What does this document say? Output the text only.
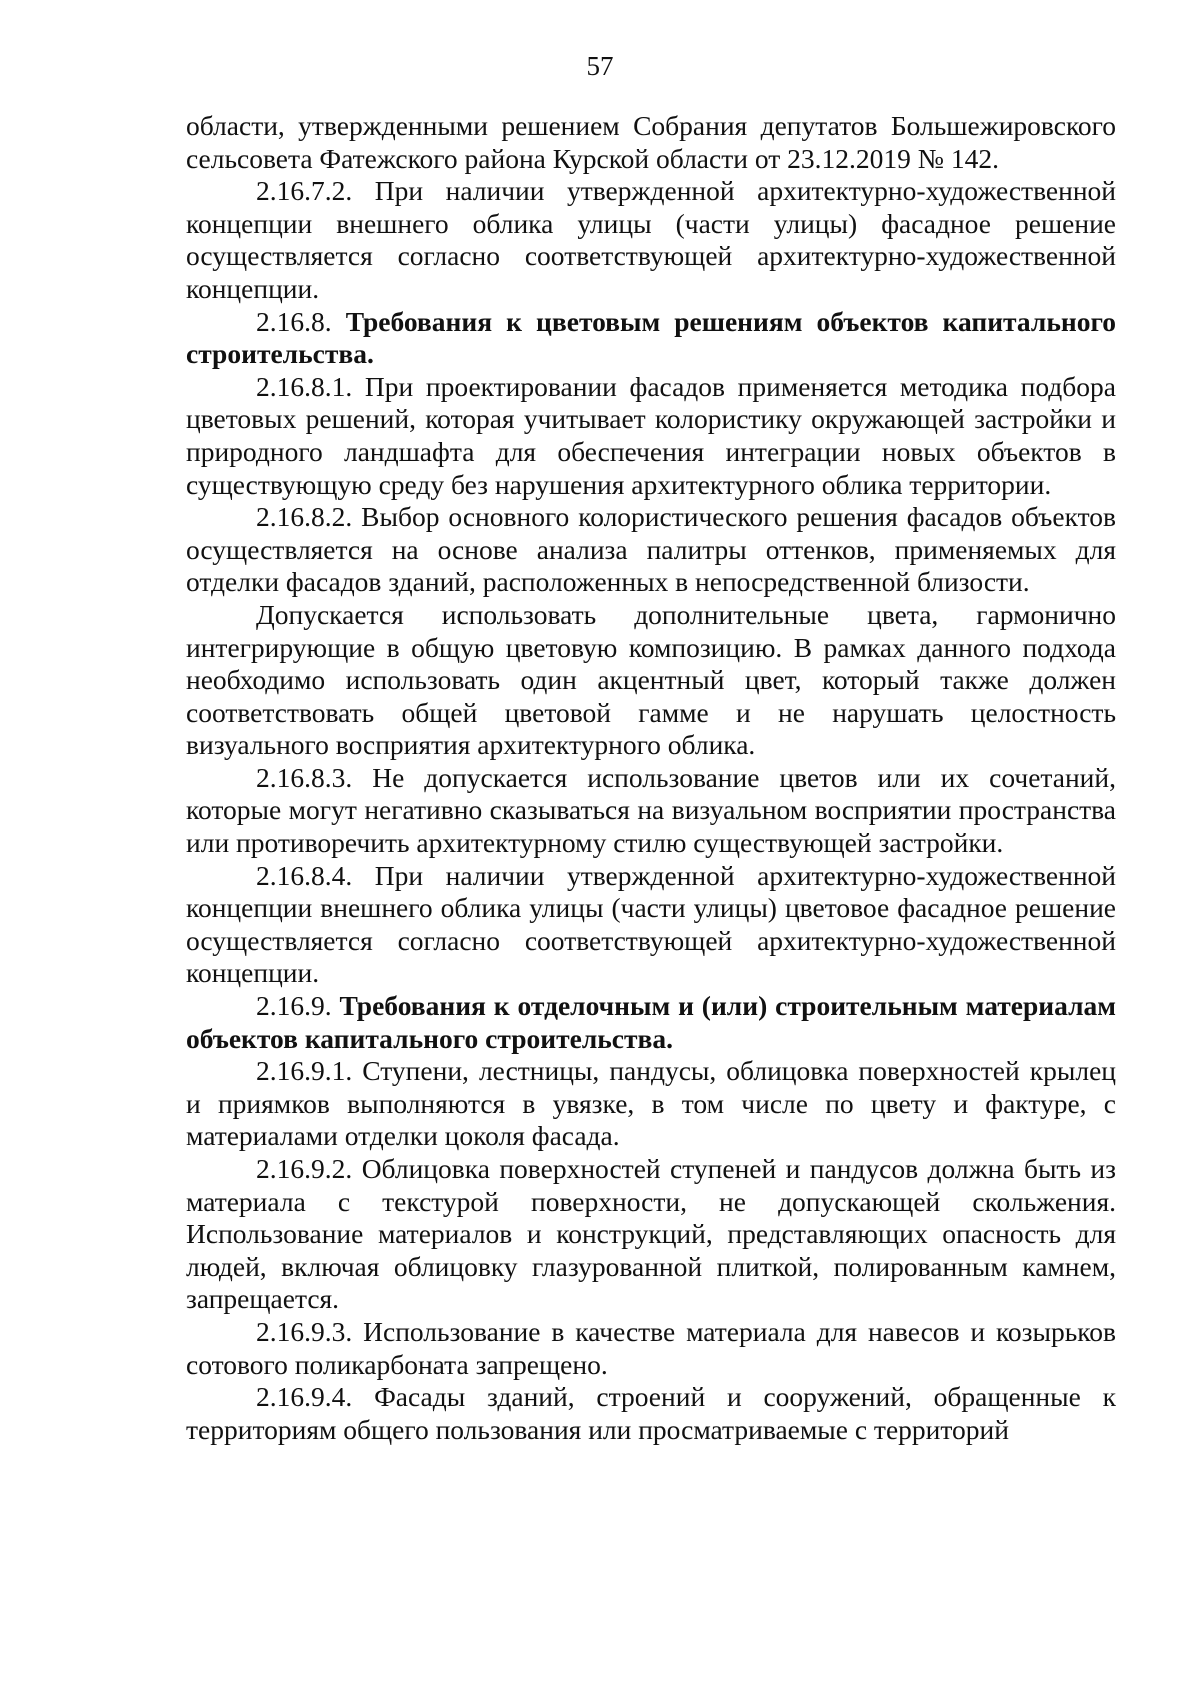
57

области, утвержденными решением Собрания депутатов Большежировского сельсовета Фатежского района Курской области от 23.12.2019 № 142.

2.16.7.2. При наличии утвержденной архитектурно-художественной концепции внешнего облика улицы (части улицы) фасадное решение осуществляется согласно соответствующей архитектурно-художественной концепции.

2.16.8. Требования к цветовым решениям объектов капитального строительства.

2.16.8.1. При проектировании фасадов применяется методика подбора цветовых решений, которая учитывает колористику окружающей застройки и природного ландшафта для обеспечения интеграции новых объектов в существующую среду без нарушения архитектурного облика территории.

2.16.8.2. Выбор основного колористического решения фасадов объектов осуществляется на основе анализа палитры оттенков, применяемых для отделки фасадов зданий, расположенных в непосредственной близости.

Допускается использовать дополнительные цвета, гармонично интегрирующие в общую цветовую композицию. В рамках данного подхода необходимо использовать один акцентный цвет, который также должен соответствовать общей цветовой гамме и не нарушать целостность визуального восприятия архитектурного облика.

2.16.8.3. Не допускается использование цветов или их сочетаний, которые могут негативно сказываться на визуальном восприятии пространства или противоречить архитектурному стилю существующей застройки.

2.16.8.4. При наличии утвержденной архитектурно-художественной концепции внешнего облика улицы (части улицы) цветовое фасадное решение осуществляется согласно соответствующей архитектурно-художественной концепции.

2.16.9. Требования к отделочным и (или) строительным материалам объектов капитального строительства.

2.16.9.1. Ступени, лестницы, пандусы, облицовка поверхностей крылец и приямков выполняются в увязке, в том числе по цвету и фактуре, с материалами отделки цоколя фасада.

2.16.9.2. Облицовка поверхностей ступеней и пандусов должна быть из материала с текстурой поверхности, не допускающей скольжения. Использование материалов и конструкций, представляющих опасность для людей, включая облицовку глазурованной плиткой, полированным камнем, запрещается.

2.16.9.3. Использование в качестве материала для навесов и козырьков сотового поликарбоната запрещено.

2.16.9.4. Фасады зданий, строений и сооружений, обращенные к территориям общего пользования или просматриваемые с территорий
